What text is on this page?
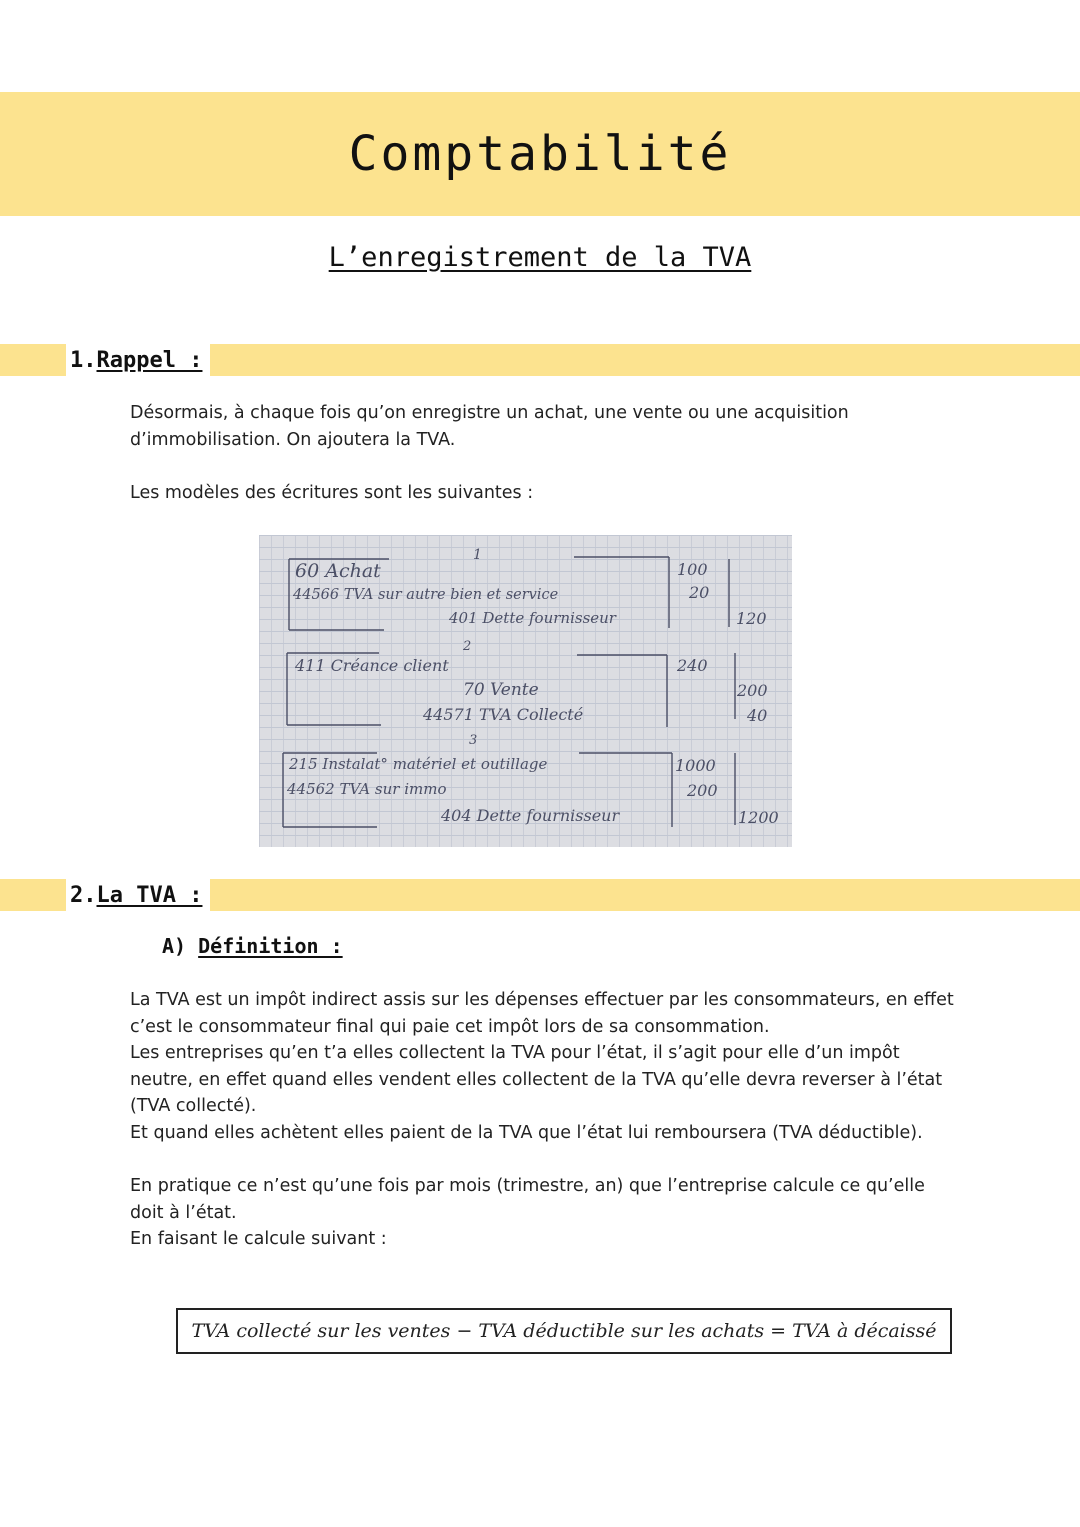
Comptabilité
L’enregistrement de la TVA
1. Rappel :

Désormais, à chaque fois qu’on enregistre un achat, une vente ou une acquisition d’immobilisation. On ajoutera la TVA.

Les modèles des écritures sont les suivantes :

1
60 Achat
44566 TVA sur autre bien et service
401 Dette fournisseur
100
20
120
2
411 Créance client
70 Vente
44571 TVA Collecté
240
200
40
3
215 Instalat° matériel et outillage
44562 TVA sur immo
404 Dette fournisseur
1000
200
1200
2. La TVA :
A) Définition :

La TVA est un impôt indirect assis sur les dépenses effectuer par les consommateurs, en effet c’est le consommateur final qui paie cet impôt lors de sa consommation.

Les entreprises qu’en t’a elles collectent la TVA pour l’état, il s’agit pour elle d’un impôt neutre, en effet quand elles vendent elles collectent de la TVA qu’elle devra reverser à l’état (TVA collecté).

Et quand elles achètent elles paient de la TVA que l’état lui remboursera (TVA déductible).

En pratique ce n’est qu’une fois par mois (trimestre, an) que l’entreprise calcule ce qu’elle doit à l’état.

En faisant le calcule suivant :

TVA collecté sur les ventes − TVA déductible sur les achats = TVA à décaissé
